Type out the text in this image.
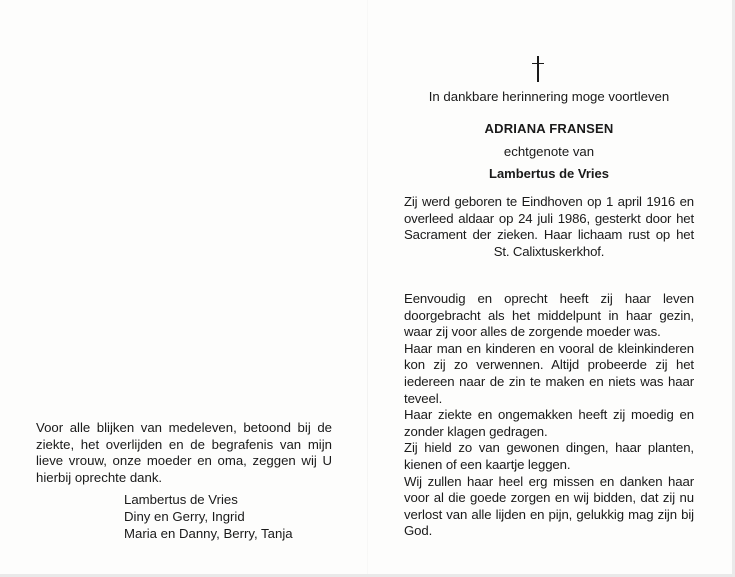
Voor alle blijken van medeleven, betoond bij de ziekte, het overlijden en de begrafenis van mijn lieve vrouw, onze moeder en oma, zeggen wij U hierbij oprechte dank.

Lambertus de Vries
Diny en Gerry, Ingrid
Maria en Danny, Berry, Tanja
In dankbare herinnering moge voortleven
ADRIANA FRANSEN
echtgenote van
Lambertus de Vries

Zij werd geboren te Eindhoven op 1 april 1916 en overleed aldaar op 24 juli 1986, gesterkt door het Sacrament der zieken. Haar lichaam rust op het St. Calixtuskerkhof.

Eenvoudig en oprecht heeft zij haar leven doorgebracht als het middelpunt in haar gezin, waar zij voor alles de zorgende moeder was.

Haar man en kinderen en vooral de kleinkinderen kon zij zo verwennen. Altijd probeerde zij het iedereen naar de zin te maken en niets was haar teveel.

Haar ziekte en ongemakken heeft zij moedig en zonder klagen gedragen.

Zij hield zo van gewonen dingen, haar planten, kienen of een kaartje leggen.

Wij zullen haar heel erg missen en danken haar voor al die goede zorgen en wij bidden, dat zij nu verlost van alle lijden en pijn, gelukkig mag zijn bij God.
